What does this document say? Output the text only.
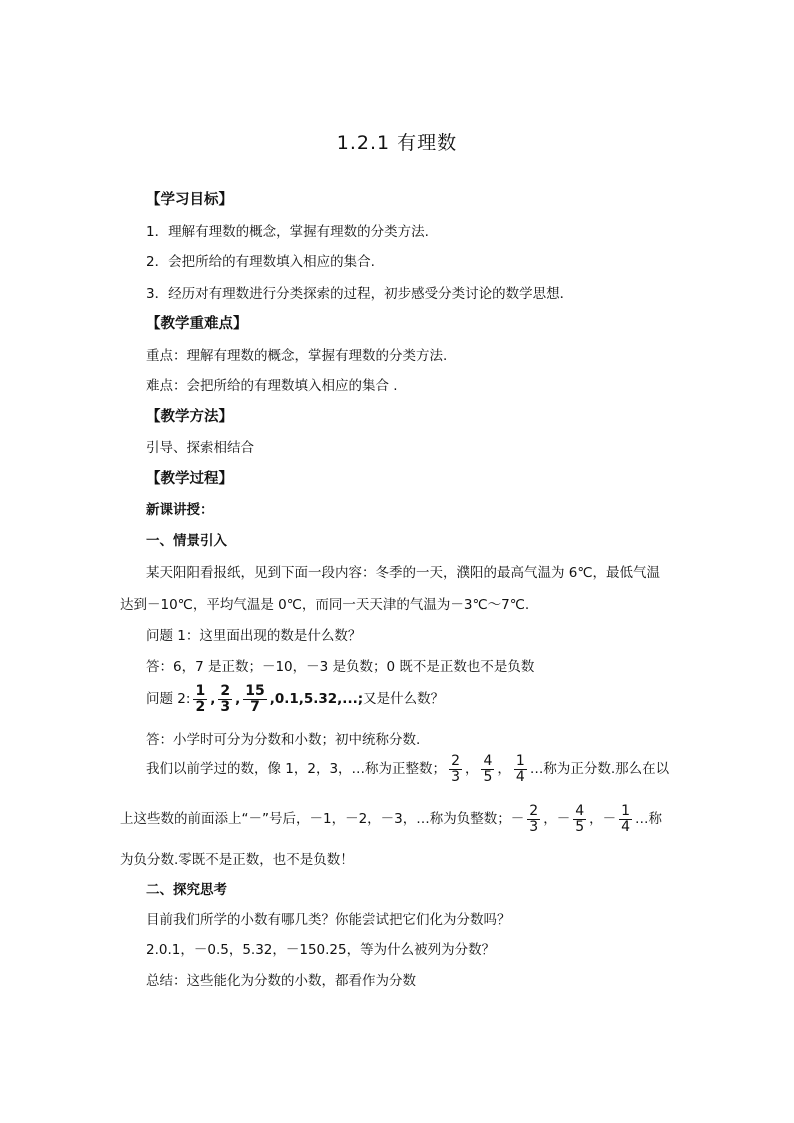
1.2.1 有理数
【学习目标】
1．理解有理数的概念，掌握有理数的分类方法.
2．会把所给的有理数填入相应的集合.
3．经历对有理数进行分类探索的过程，初步感受分类讨论的数学思想．
【教学重难点】
重点：理解有理数的概念，掌握有理数的分类方法.
难点：会把所给的有理数填入相应的集合 .
【教学方法】
引导、探索相结合
【教学过程】
新课讲授：
一、情景引入
某天阳阳看报纸，见到下面一段内容：冬季的一天，濮阳的最高气温为 6℃，最低气温
达到－10℃，平均气温是 0℃，而同一天天津的气温为－3℃～7℃.
问题 1：这里面出现的数是什么数？
答：6，7 是正数；－10，－3 是负数；0 既不是正数也不是负数
问题 2: $\frac{1}{2}$ , $\frac{2}{3}$ , $\frac{15}{7} ,0.1,5.32$,...;又是什么数？
答：小学时可分为分数和小数；初中统称分数.
我们以前学过的数，像 1，2，3，…称为正整数； $\frac{2}{3}$ ， $\frac{4}{5}$ ， $\frac{1}{4}$ …称为正分数.那么在以
上这些数的前面添上“－”号后，－1，－2，－3，…称为负整数；－ $\frac{2}{3}$ ，－ $\frac{4}{5}$ ，－ $\frac{1}{4}$ …称
为负分数.零既不是正数，也不是负数！
二、探究思考
目前我们所学的小数有哪几类？你能尝试把它们化为分数吗？
2.0.1，－0.5，5.32，－150.25，等为什么被列为分数？
总结：这些能化为分数的小数，都看作为分数
